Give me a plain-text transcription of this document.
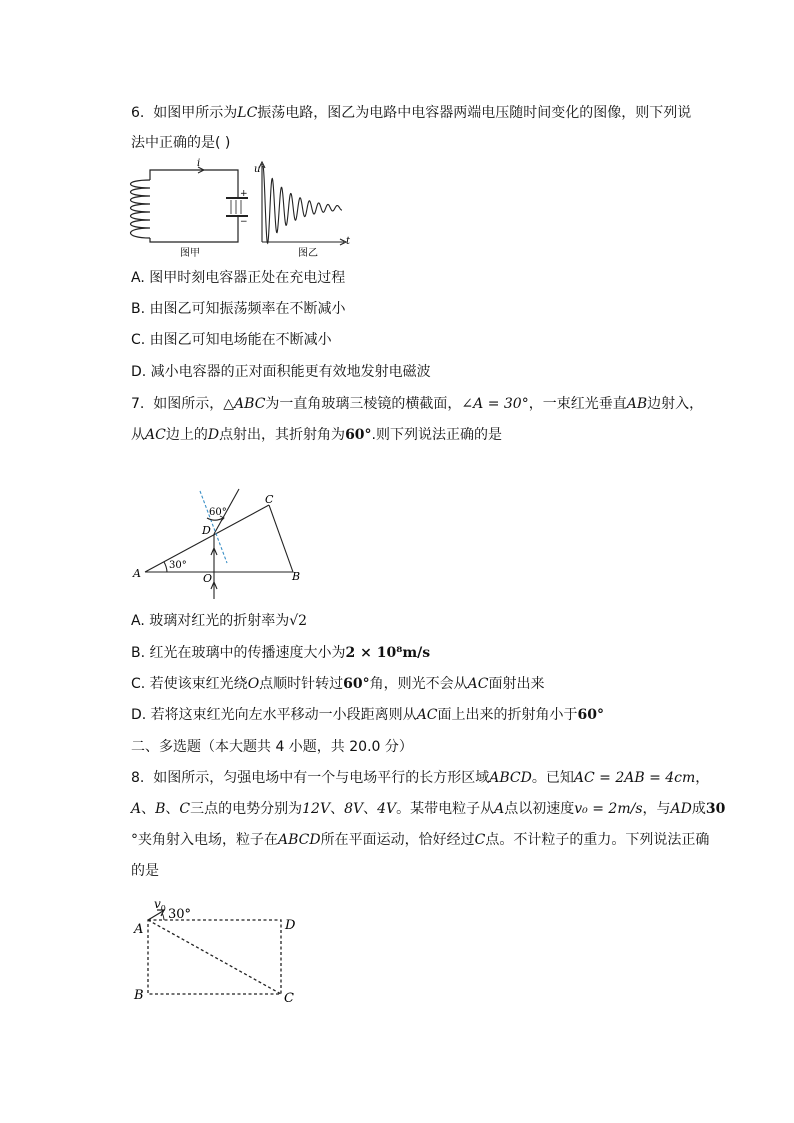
6. 如图甲所示为LC振荡电路，图乙为电路中电容器两端电压随时间变化的图像，则下列说
法中正确的是( )
+
−
i
图甲
u
t
图乙
A. 图甲时刻电容器正处在充电过程
B. 由图乙可知振荡频率在不断减小
C. 由图乙可知电场能在不断减小
D. 减小电容器的正对面积能更有效地发射电磁波
7. 如图所示，△ABC为一直角玻璃三棱镜的横截面，∠A = 30°，一束红光垂直AB边射入，
从AC边上的D点射出，其折射角为60°.则下列说法正确的是
A	B
C
D
O
30°
60°
A. 玻璃对红光的折射率为√2
B. 红光在玻璃中的传播速度大小为2 × 10⁸m/s
C. 若使该束红光绕O点顺时针转过60°角，则光不会从AC面射出来
D. 若将这束红光向左水平移动一小段距离则从AC面上出来的折射角小于60°
二、多选题（本大题共 4 小题，共 20.0 分）
8. 如图所示，匀强电场中有一个与电场平行的长方形区域ABCD。已知AC = 2AB = 4cm，
A、B、C三点的电势分别为12V、8V、4V。某带电粒子从A点以初速度v₀ = 2m/s，与AD成30
°夹角射入电场，粒子在ABCD所在平面运动，恰好经过C点。不计粒子的重力。下列说法正确
的是
A
B	C
D
$v_0$ 30°
